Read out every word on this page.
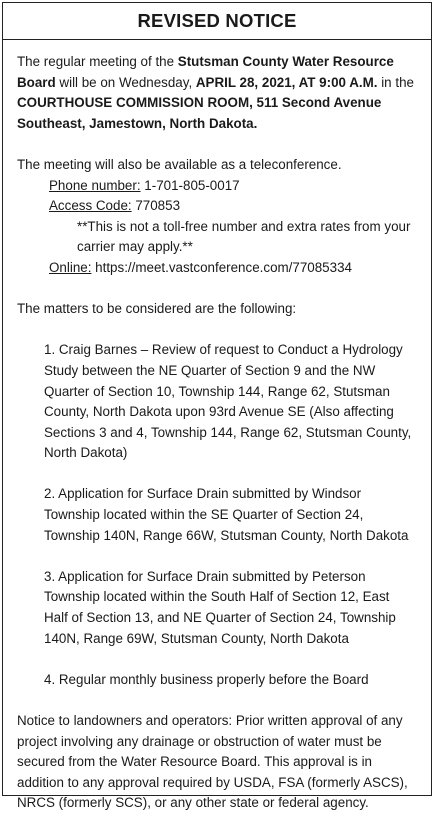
REVISED NOTICE

The regular meeting of the Stutsman County Water Resource Board will be on Wednesday, APRIL 28, 2021, AT 9:00 A.M. in the COURTHOUSE COMMISSION ROOM, 511 Second Avenue Southeast, Jamestown, North Dakota.

The meeting will also be available as a teleconference.

Phone number: 1-701-805-0017

Access Code: 770853

**This is not a toll-free number and extra rates from your carrier may apply.**

Online: https://meet.vastconference.com/77085334

The matters to be considered are the following:

1. Craig Barnes – Review of request to Conduct a Hydrology Study between the NE Quarter of Section 9 and the NW Quarter of Section 10, Township 144, Range 62, Stutsman County, North Dakota upon 93rd Avenue SE (Also affecting Sections 3 and 4, Township 144, Range 62, Stutsman County, North Dakota)

2. Application for Surface Drain submitted by Windsor Township located within the SE Quarter of Section 24, Township 140N, Range 66W, Stutsman County, North Dakota

3. Application for Surface Drain submitted by Peterson Township located within the South Half of Section 12, East Half of Section 13, and NE Quarter of Section 24, Township 140N, Range 69W, Stutsman County, North Dakota

4. Regular monthly business properly before the Board

Notice to landowners and operators: Prior written approval of any project involving any drainage or obstruction of water must be secured from the Water Resource Board. This approval is in addition to any approval required by USDA, FSA (formerly ASCS), NRCS (formerly SCS), or any other state or federal agency.
